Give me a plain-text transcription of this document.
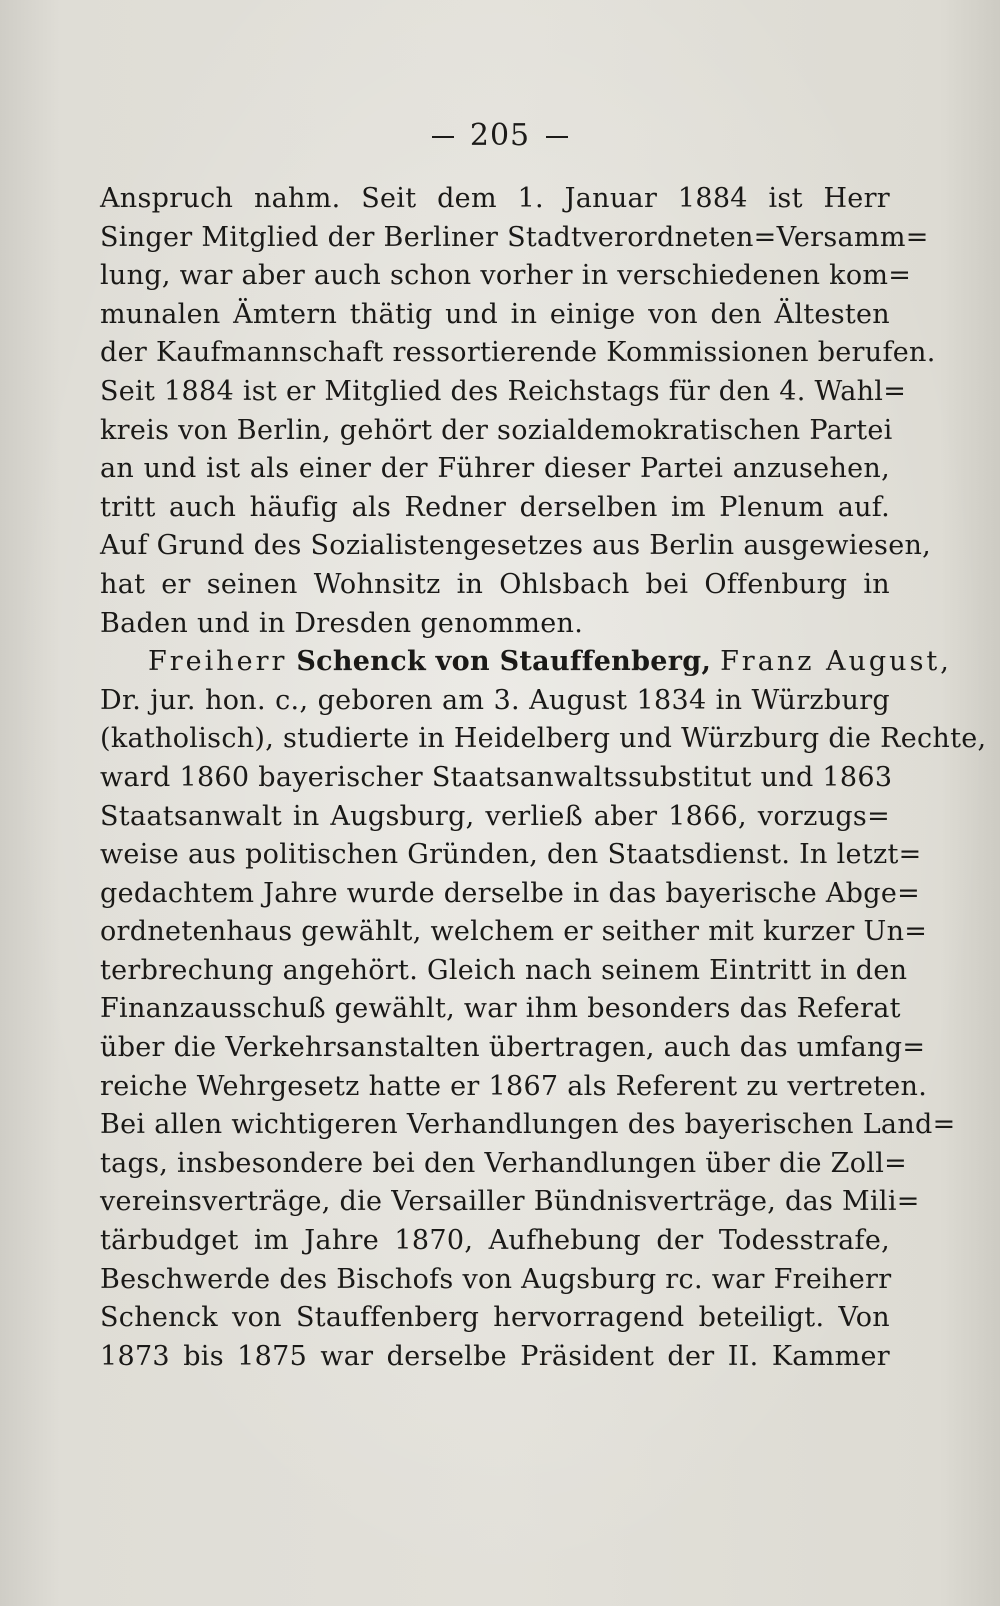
205
Anspruch nahm. Seit dem 1. Januar 1884 ist Herr
Singer Mitglied der Berliner Stadtverordneten=Versamm=
lung, war aber auch schon vorher in verschiedenen kom=
munalen Ämtern thätig und in einige von den Ältesten
der Kaufmannschaft ressortierende Kommissionen berufen.
Seit 1884 ist er Mitglied des Reichstags für den 4. Wahl=
kreis von Berlin, gehört der sozialdemokratischen Partei
an und ist als einer der Führer dieser Partei anzusehen,
tritt auch häufig als Redner derselben im Plenum auf.
Auf Grund des Sozialistengesetzes aus Berlin ausgewiesen,
hat er seinen Wohnsitz in Ohlsbach bei Offenburg in
Baden und in Dresden genommen.
Freiherr Schenck von Stauffenberg, Franz August,
Dr. jur. hon. c., geboren am 3. August 1834 in Würzburg
(katholisch), studierte in Heidelberg und Würzburg die Rechte,
ward 1860 bayerischer Staatsanwaltssubstitut und 1863
Staatsanwalt in Augsburg, verließ aber 1866, vorzugs=
weise aus politischen Gründen, den Staatsdienst. In letzt=
gedachtem Jahre wurde derselbe in das bayerische Abge=
ordnetenhaus gewählt, welchem er seither mit kurzer Un=
terbrechung angehört. Gleich nach seinem Eintritt in den
Finanzausschuß gewählt, war ihm besonders das Referat
über die Verkehrsanstalten übertragen, auch das umfang=
reiche Wehrgesetz hatte er 1867 als Referent zu vertreten.
Bei allen wichtigeren Verhandlungen des bayerischen Land=
tags, insbesondere bei den Verhandlungen über die Zoll=
vereinsverträge, die Versailler Bündnisverträge, das Mili=
tärbudget im Jahre 1870, Aufhebung der Todesstrafe,
Beschwerde des Bischofs von Augsburg rc. war Freiherr
Schenck von Stauffenberg hervorragend beteiligt. Von
1873 bis 1875 war derselbe Präsident der II. Kammer
